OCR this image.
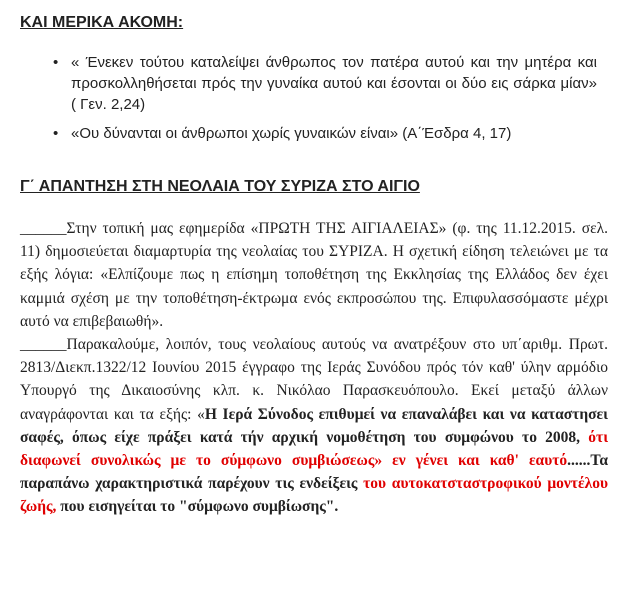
ΚΑΙ ΜΕΡΙΚΑ ΑΚΟΜΗ:
• « Ένεκεν τούτου καταλείψει άνθρωπος τον πατέρα αυτού και την μητέρα και προσκολληθήσεται πρός την γυναίκα αυτού και έσονται οι δύο εις σάρκα μίαν» ( Γεν. 2,24)
• «Ου δύνανται οι άνθρωποι χωρίς γυναικών είναι» (Α΄Έσδρα 4, 17)
Γ΄ ΑΠΑΝΤΗΣΗ ΣΤΗ ΝΕΟΛΑΙΑ ΤΟΥ ΣΥΡΙΖΑ ΣΤΟ ΑΙΓΙΟ

______Στην τοπική μας εφημερίδα «ΠΡΩΤΗ ΤΗΣ ΑΙΓΙΑΛΕΙΑΣ» (φ. της 11.12.2015. σελ. 11) δημοσιεύεται διαμαρτυρία της νεολαίας του ΣΥΡΙΖΑ. Η σχετική είδηση τελειώνει με τα εξής λόγια: «Ελπίζουμε πως η επίσημη τοποθέτηση της Εκκλησίας της Ελλάδος δεν έχει καμμιά σχέση με την τοποθέτηση-έκτρωμα ενός εκπροσώπου της. Επιφυλασσόμαστε μέχρι αυτό να επιβεβαιωθή».

______Παρακαλούμε, λοιπόν, τους νεολαίους αυτούς να ανατρέξουν στο υπ΄αριθμ. Πρωτ. 2813/Διεκπ.1322/12 Ιουνίου 2015 έγγραφο της Ιεράς Συνόδου πρός τόν καθ' ύλην αρμόδιο Υπουργό της Δικαιοσύνης κλπ. κ. Νικόλαο Παρασκευόπουλο. Εκεί μεταξύ άλλων αναγράφονται και τα εξής: «Η Ιερά Σύνοδος επιθυμεί να επαναλάβει και να καταστησει σαφές, όπως είχε πράξει κατά τήν αρχική νομοθέτηση του συμφώνου το 2008, ότι διαφωνεί συνολικώς με το σύμφωνο συμβιώσεως» εν γένει και καθ' εαυτό......Τα παραπάνω χαρακτηριστικά παρέχουν τις ενδείξεις του αυτοκατσταστροφικού μοντέλου ζωής, που εισηγείται το "σύμφωνο συμβίωσης".
